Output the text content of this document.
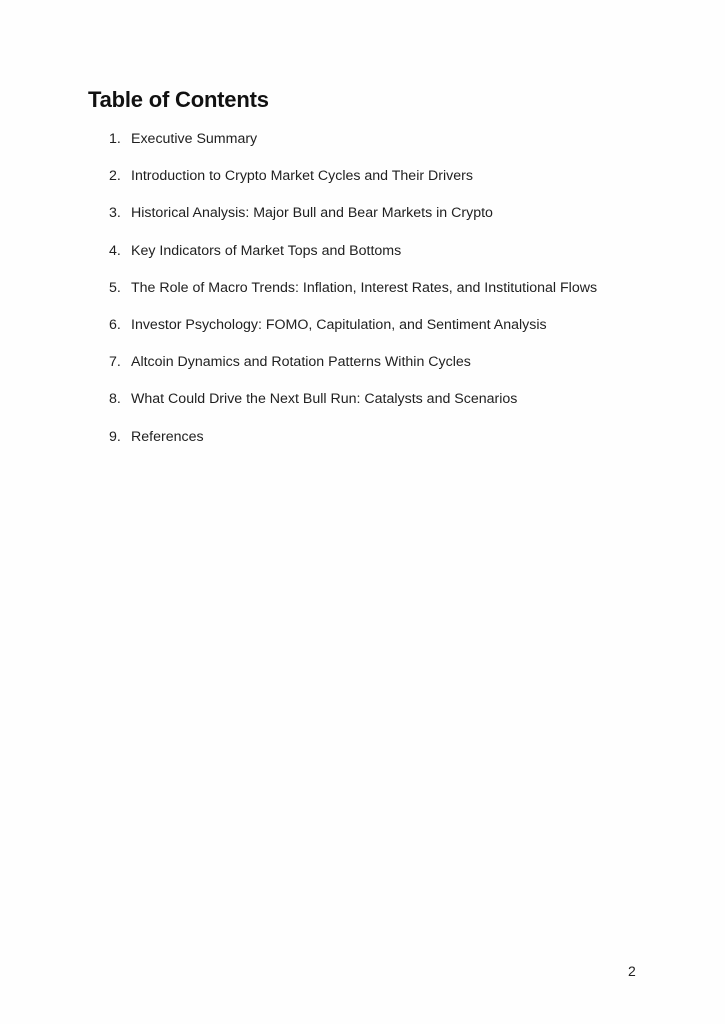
Table of Contents
1. Executive Summary
2. Introduction to Crypto Market Cycles and Their Drivers
3. Historical Analysis: Major Bull and Bear Markets in Crypto
4. Key Indicators of Market Tops and Bottoms
5. The Role of Macro Trends: Inflation, Interest Rates, and Institutional Flows
6. Investor Psychology: FOMO, Capitulation, and Sentiment Analysis
7. Altcoin Dynamics and Rotation Patterns Within Cycles
8. What Could Drive the Next Bull Run: Catalysts and Scenarios
9. References
2
